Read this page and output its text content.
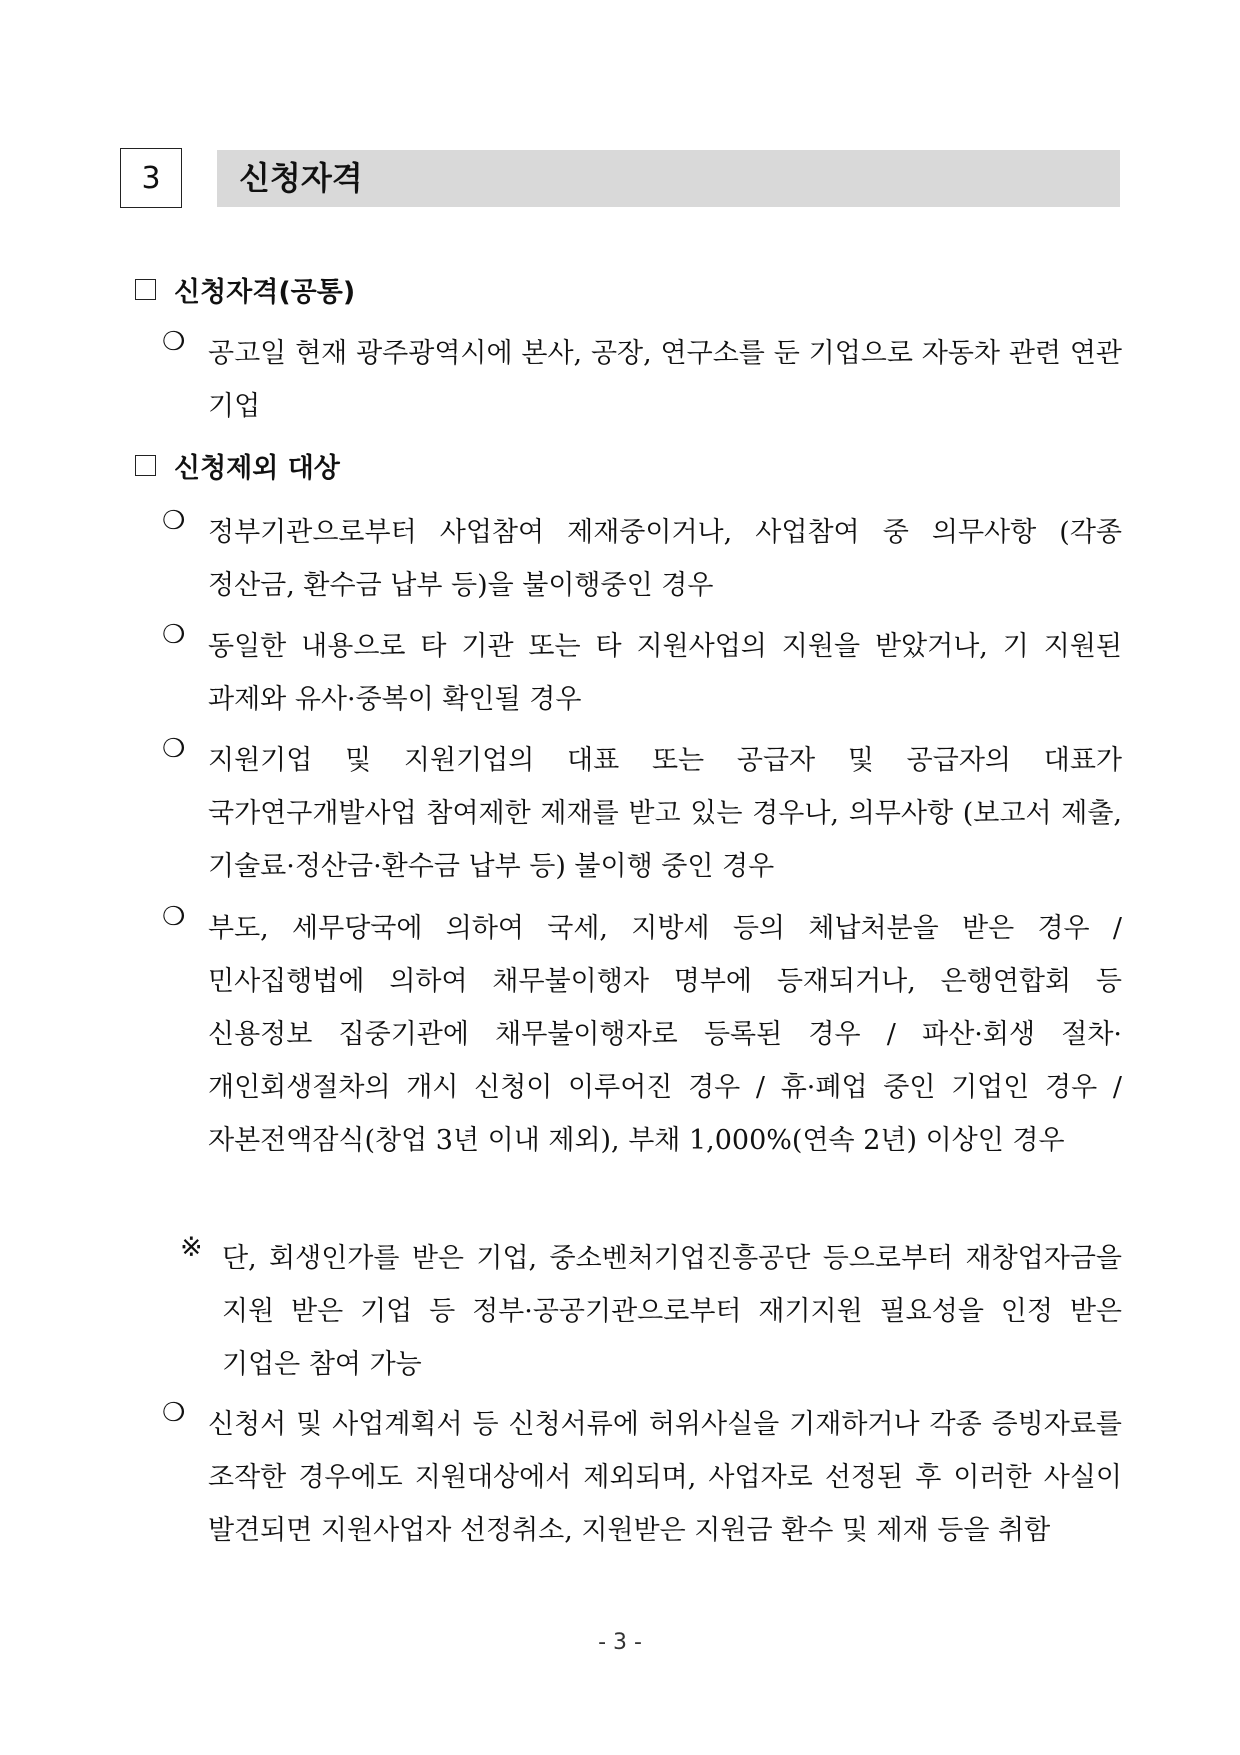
3	신청자격
신청자격(공통)
❍ 공고일 현재 광주광역시에 본사, 공장, 연구소를 둔 기업으로 자동차 관련 연관 기업
신청제외 대상
❍ 정부기관으로부터 사업참여 제재중이거나, 사업참여 중 의무사항 (각종 정산금, 환수금 납부 등)을 불이행중인 경우
❍ 동일한 내용으로 타 기관 또는 타 지원사업의 지원을 받았거나, 기 지원된 과제와 유사·중복이 확인될 경우
❍ 지원기업 및 지원기업의 대표 또는 공급자 및 공급자의 대표가 국가연구개발사업 참여제한 제재를 받고 있는 경우나, 의무사항 (보고서 제출, 기술료·정산금·환수금 납부 등) 불이행 중인 경우
❍ 부도, 세무당국에 의하여 국세, 지방세 등의 체납처분을 받은 경우 / 민사집행법에 의하여 채무불이행자 명부에 등재되거나, 은행연합회 등 신용정보 집중기관에 채무불이행자로 등록된 경우 / 파산·회생 절차·개인회생절차의 개시 신청이 이루어진 경우 / 휴·폐업 중인 기업인 경우 / 자본전액잠식(창업 3년 이내 제외), 부채 1,000%(연속 2년) 이상인 경우
※ 단, 회생인가를 받은 기업, 중소벤처기업진흥공단 등으로부터 재창업자금을 지원 받은 기업 등 정부·공공기관으로부터 재기지원 필요성을 인정 받은 기업은 참여 가능
❍ 신청서 및 사업계획서 등 신청서류에 허위사실을 기재하거나 각종 증빙자료를 조작한 경우에도 지원대상에서 제외되며, 사업자로 선정된 후 이러한 사실이 발견되면 지원사업자 선정취소, 지원받은 지원금 환수 및 제재 등을 취함
- 3 -
